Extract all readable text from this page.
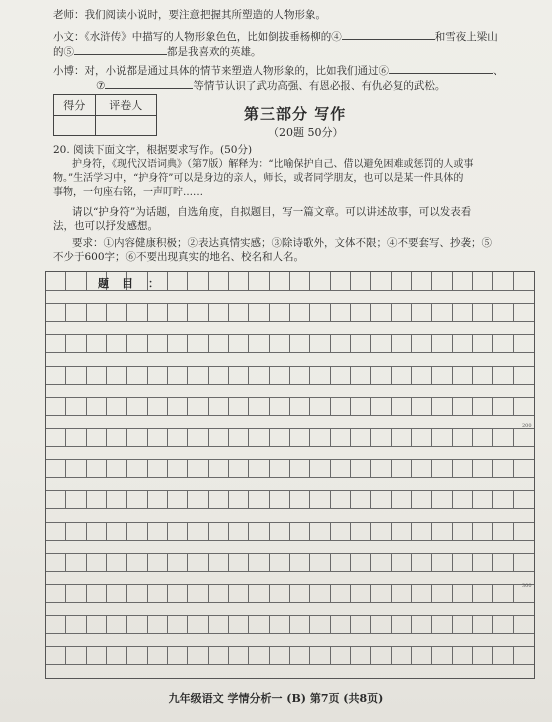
老师：我们阅读小说时，要注意把握其所塑造的人物形象。
小文：《水浒传》中描写的人物形象色色，比如倒拔垂杨柳的④	和雪夜上梁山
的⑤	都是我喜欢的英雄。
小博：对，小说都是通过具体的情节来塑造人物形象的，比如我们通过⑥	、
⑦	等情节认识了武功高强、有恩必报、有仇必复的武松。
得分	评卷人
		第三部分 写作
（20题 50分）
20. 阅读下面文字，根据要求写作。(50分)
护身符，《现代汉语词典》（第7版）解释为：“比喻保护自己、借以避免困难或惩罚的人或事
物。”生活学习中，“护身符”可以是身边的亲人，师长，或者同学朋友，也可以是某一件具体的
事物，一句座右铭，一声叮咛……
请以“护身符”为话题，自选角度，自拟题目，写一篇文章。可以讲述故事，可以发表看
法，也可以抒发感想。
要求：①内容健康积极；②表达真情实感；③除诗歌外，文体不限；④不要套写、抄袭；⑤
不少于600字；⑥不要出现真实的地名、校名和人名。
题 目 ：
200
300
九年级语文 学情分析一 (B) 第7页 (共8页)
